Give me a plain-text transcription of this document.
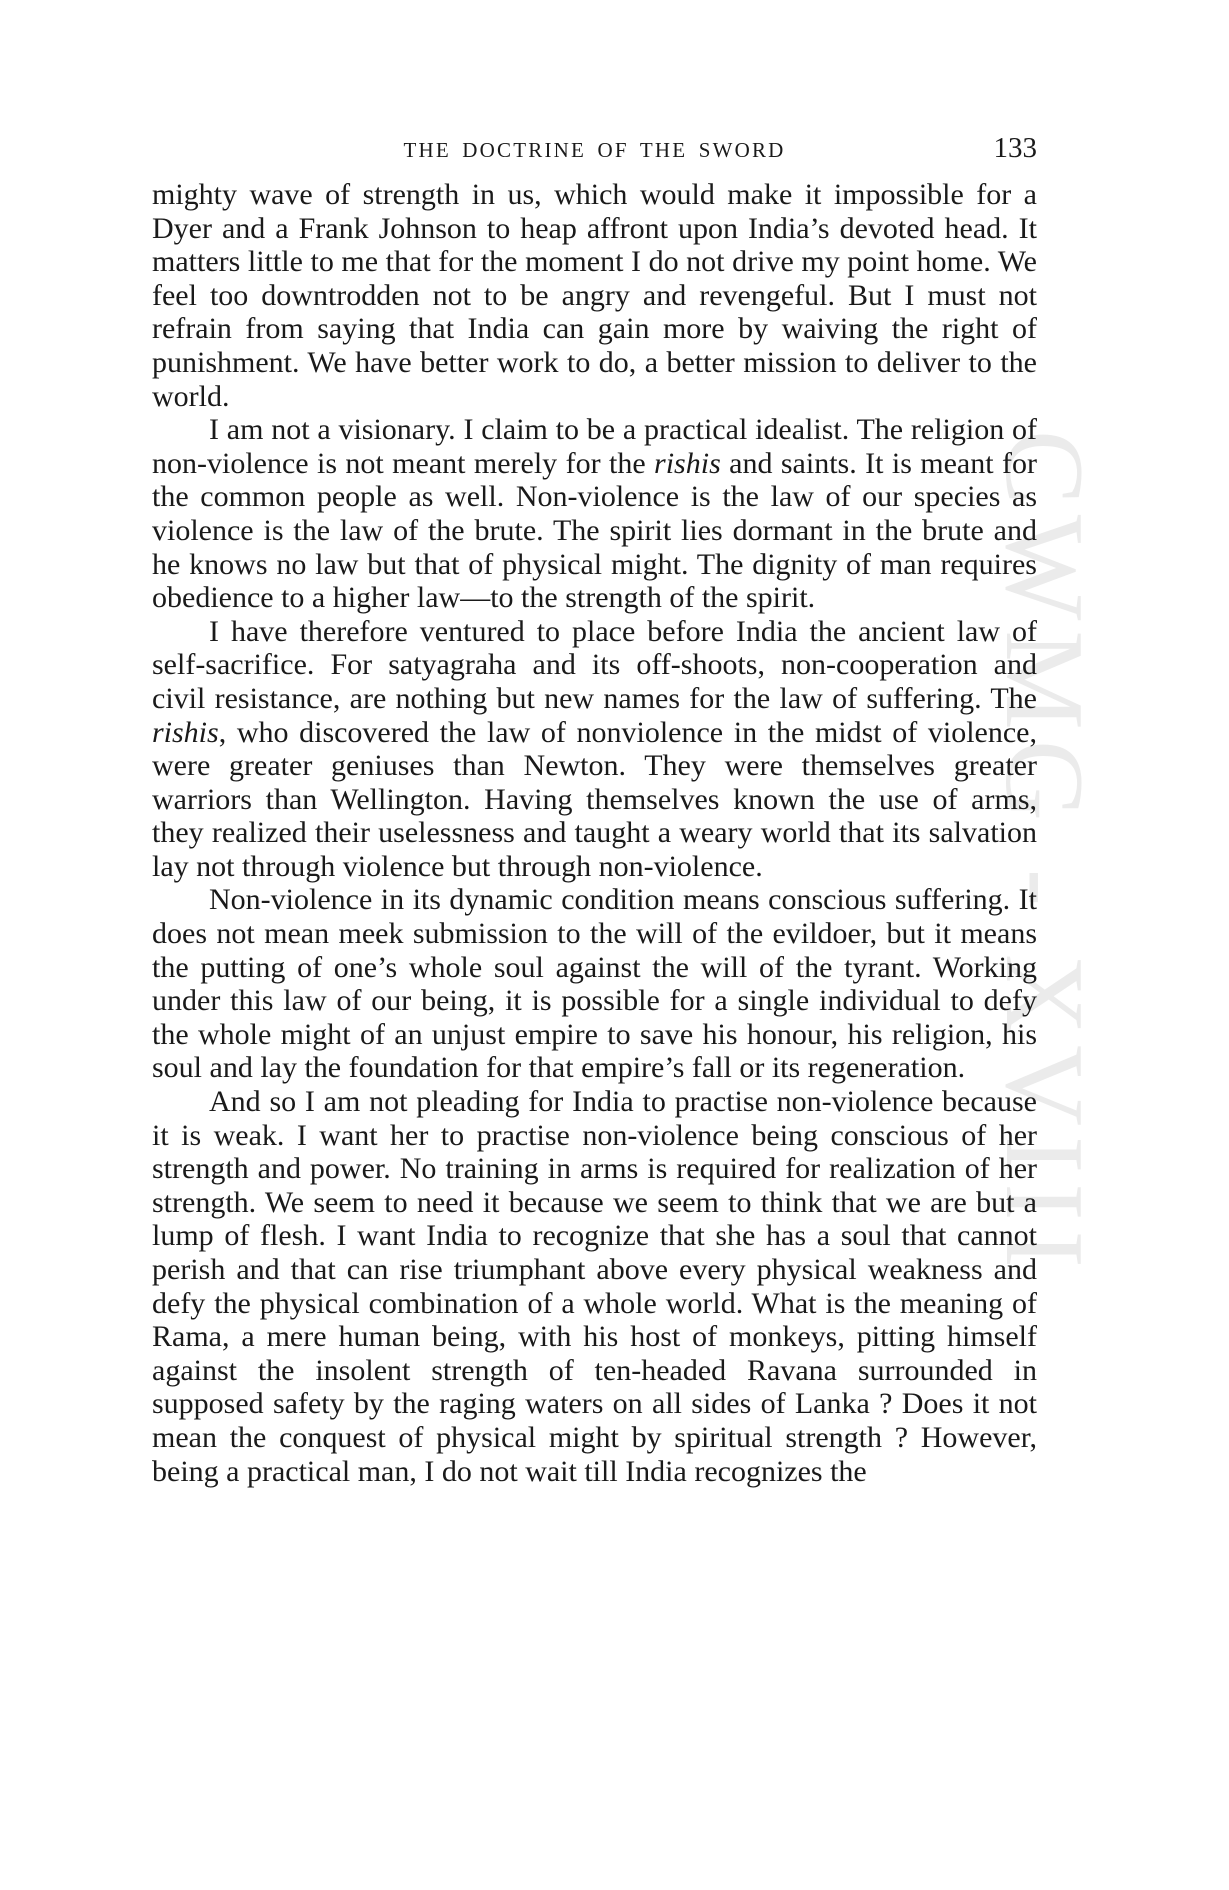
CWMG - XVIII
THE DOCTRINE OF THE SWORD	133

mighty wave of strength in us, which would make it impossible for a Dyer and a Frank Johnson to heap affront upon India’s devoted head. It matters little to me that for the moment I do not drive my point home. We feel too downtrodden not to be angry and revengeful. But I must not refrain from saying that India can gain more by waiving the right of punishment. We have better work to do, a better mission to deliver to the world.

I am not a visionary. I claim to be a practical idealist. The religion of non-violence is not meant merely for the rishis and saints. It is meant for the common people as well. Non-violence is the law of our species as violence is the law of the brute. The spirit lies dormant in the brute and he knows no law but that of physical might. The dignity of man requires obedience to a higher law—to the strength of the spirit.

I have therefore ventured to place before India the ancient law of self-sacrifice. For satyagraha and its off-shoots, non-cooperation and civil resistance, are nothing but new names for the law of suffering. The rishis, who discovered the law of nonviolence in the midst of violence, were greater geniuses than Newton. They were themselves greater warriors than Wellington. Having themselves known the use of arms, they realized their uselessness and taught a weary world that its salvation lay not through violence but through non-violence.

Non-violence in its dynamic condition means conscious suffering. It does not mean meek submission to the will of the evildoer, but it means the putting of one’s whole soul against the will of the tyrant. Working under this law of our being, it is possible for a single individual to defy the whole might of an unjust empire to save his honour, his religion, his soul and lay the foundation for that empire’s fall or its regeneration.

And so I am not pleading for India to practise non-violence because it is weak. I want her to practise non-violence being conscious of her strength and power. No training in arms is required for realization of her strength. We seem to need it because we seem to think that we are but a lump of flesh. I want India to recognize that she has a soul that cannot perish and that can rise triumphant above every physical weakness and defy the physical combination of a whole world. What is the meaning of Rama, a mere human being, with his host of monkeys, pitting himself against the insolent strength of ten-headed Ravana surrounded in supposed safety by the raging waters on all sides of Lanka ? Does it not mean the conquest of physical might by spiritual strength ? However, being a practical man, I do not wait till India recognizes the
